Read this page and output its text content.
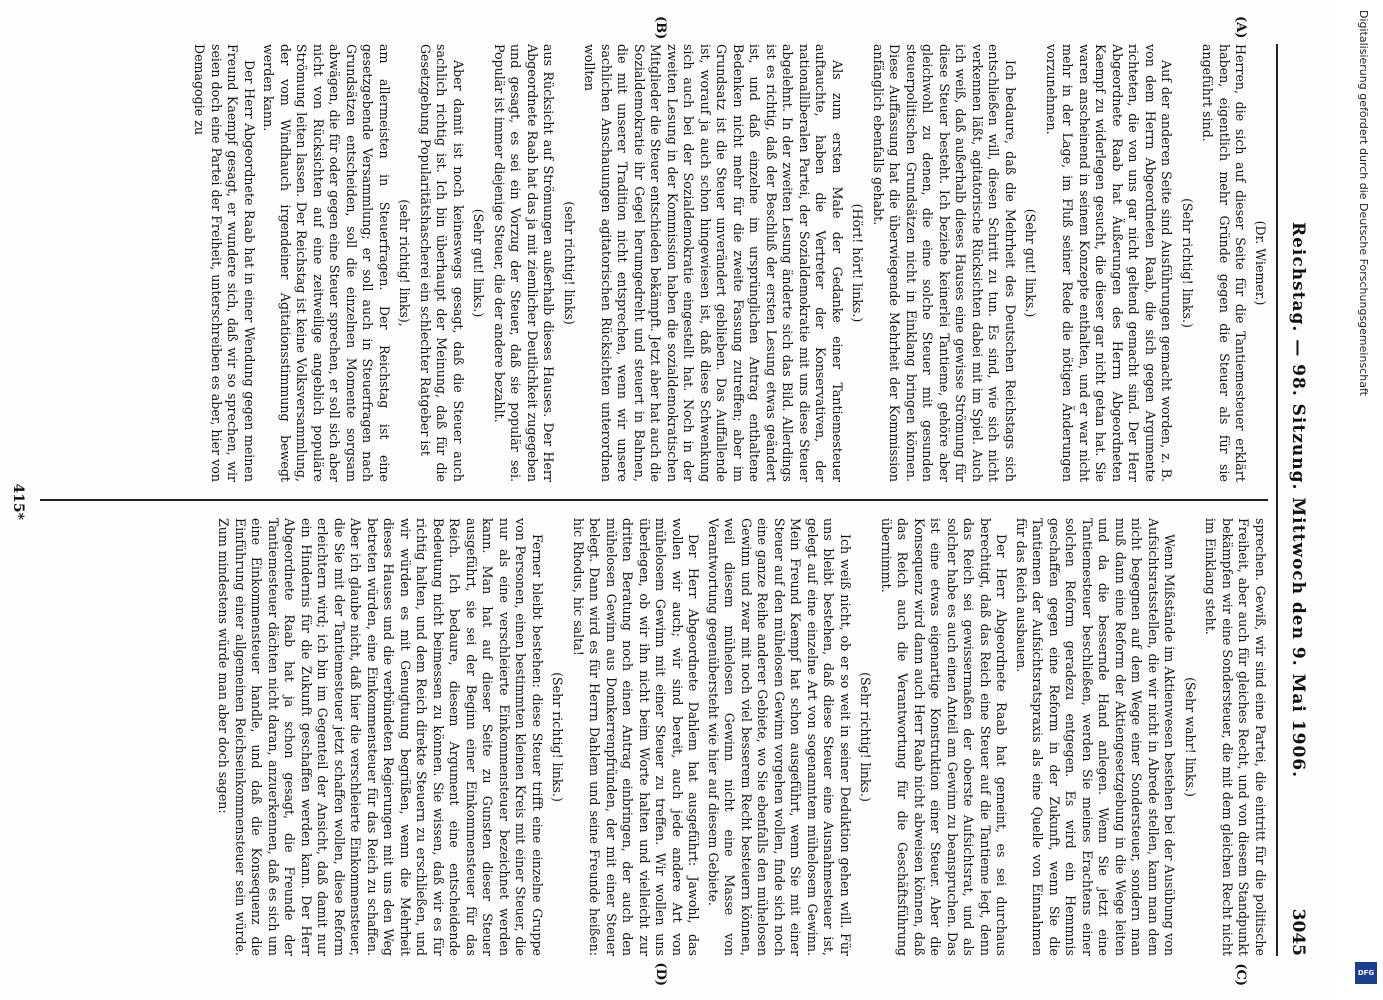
Reichstag. — 98. Sitzung. Mittwoch den 9. Mai 1906.
3045
(A)
(B)
(C)
(D)

(Dr. Wiemer.)

Herren, die sich auf dieser Seite für die Tantiemesteuer erklärt haben, eigentlich mehr Gründe gegen die Steuer als für sie angeführt sind.

(Sehr richtig! links.)

Auf der anderen Seite sind Ausführungen gemacht worden, z. B. von dem Herrn Abgeordneten Raab, die sich gegen Argumente richteten, die von uns gar nicht geltend gemacht sind. Der Herr Abgeordnete Raab hat Äußerungen des Herrn Abgeordneten Kaempf zu widerlegen gesucht, die dieser gar nicht getan hat. Sie waren anscheinend in seinem Konzepte enthalten, und er war nicht mehr in der Lage, im Fluß seiner Rede die nötigen Änderungen vorzunehmen.

(Sehr gut! links.)

Ich bedaure, daß die Mehrheit des Deutschen Reichstags sich entschließen will, diesen Schritt zu tun. Es sind, wie sich nicht verkennen läßt, agitatorische Rücksichten dabei mit im Spiel. Auch ich weiß, daß außerhalb dieses Hauses eine gewisse Strömung für diese Steuer besteht. Ich beziehe keinerlei Tantieme, gehöre aber gleichwohl zu denen, die eine solche Steuer mit gesunden steuerpolitischen Grundsätzen nicht in Einklang bringen können. Diese Auffassung hat die überwiegende Mehrheit der Kommission anfänglich ebenfalls gehabt.

(Hört! hört! links.)

Als zum ersten Male der Gedanke einer Tantiemesteuer auftauchte, haben die Vertreter der Konservativen, der nationalliberalen Partei, der Sozialdemokratie mit uns diese Steuer abgelehnt. In der zweiten Lesung änderte sich das Bild. Allerdings ist es richtig, daß der Beschluß der ersten Lesung etwas geändert ist, und daß einzelne im ursprünglichen Antrag enthaltene Bedenken nicht mehr für die zweite Fassung zutreffen; aber im Grundsatz ist die Steuer unverändert geblieben. Das Auffallende ist, worauf ja auch schon hingewiesen ist, daß diese Schwenkung sich auch bei der Sozialdemokratie eingestellt hat. Noch in der zweiten Lesung in der Kommission haben die sozialdemokratischen Mitglieder die Steuer entschieden bekämpft. Jetzt aber hat auch die Sozialdemokratie ihr Gegel herumgedreht und steuert in Bahnen, die mit unserer Tradition nicht entsprechen, wenn wir unsere sachlichen Anschauungen agitatorischen Rücksichten unterordnen wollten

(sehr richtig! links)

aus Rücksicht auf Strömungen außerhalb dieses Hauses. Der Herr Abgeordnete Raab hat das ja mit ziemlicher Deutlichkeit zugegeben und gesagt, es sei ein Vorzug der Steuer, daß sie populär sei. Populär ist immer diejenige Steuer, die der andere bezahlt.

(Sehr gut! links.)

Aber damit ist noch keineswegs gesagt, daß die Steuer auch sachlich richtig ist. Ich bin überhaupt der Meinung, daß für die Gesetzgebung Popularitätshascherei ein schlechter Ratgeber ist

(sehr richtig! links),

am allermeisten in Steuerfragen. Der Reichstag ist eine gesetzgebende Versammlung; er soll auch in Steuerfragen nach Grundsätzen entscheiden, soll die einzelnen Momente sorgsam abwägen, die für oder gegen eine Steuer sprechen, er soll sich aber nicht von Rücksichten auf eine zeitweilige angeblich populäre Strömung leiten lassen. Der Reichstag ist keine Volksversammlung, der vom Windhauch irgendeiner Agitationsstimmung bewegt werden kann.

Der Herr Abgeordnete Raab hat in einer Wendung gegen meinen Freund Kaempf gesagt, er wundere sich, daß wir so sprechen, wir seien doch eine Partei der Freiheit, unterschreiben es aber, hier von Demagogie zu

sprechen. Gewiß, wir sind eine Partei, die eintritt für die politische Freiheit, aber auch für gleiches Recht, und von diesem Standpunkt bekämpfen wir eine Sondersteuer, die mit dem gleichen Recht nicht im Einklang steht.

(Sehr wahr! links.)

Wenn Mißstände im Aktienwesen bestehen bei der Ausübung von Aufsichtsratsstellen, die wir nicht in Abrede stellen, kann man dem nicht begegnen auf dem Wege einer Sondersteuer, sondern man muß dann eine Reform der Aktiengesetzgebung in die Wege leiten und da die bessernde Hand anlegen. Wenn Sie jetzt eine Tantiemesteuer beschließen, werden Sie meines Erachtens einer solchen Reform geradezu entgegen. Es wird ein Hemmnis geschaffen gegen eine Reform in der Zukunft, wenn Sie die Tantiemen der Aufsichtsratspraxis als eine Quelle von Einnahmen für das Reich ausbauen.

Der Herr Abgeordnete Raab hat gemeint, es sei durchaus berechtigt, daß das Reich eine Steuer auf die Tantieme legt, denn das Reich sei gewissermaßen der oberste Aufsichtsrat, und als solcher habe es auch einen Anteil am Gewinn zu beanspruchen. Das ist eine etwas eigenartige Konstruktion einer Steuer. Aber die Konsequenz wird dann auch Herr Raab nicht abweisen können, daß das Reich auch die Verantwortung für die Geschäftsführung übernimmt.

(Sehr richtig! links.)

Ich weiß nicht, ob er so weit in seiner Deduktion gehen will. Für uns bleibt bestehen, daß diese Steuer eine Ausnahmesteuer ist, gelegt auf eine einzelne Art von sogenanntem mühelosem Gewinn. Mein Freund Kaempf hat schon ausgeführt, wenn Sie mit einer Steuer auf den mühelosen Gewinn vorgehen wollen, finde sich noch eine ganze Reihe anderer Gebiete, wo Sie ebenfalls den mühelosen Gewinn und zwar mit noch viel besserem Recht besteuern können, weil diesem mühelosen Gewinn nicht eine Masse von Verantwortung gegenübersteht wie hier auf diesem Gebiete.

Der Herr Abgeordnete Dahlem hat ausgeführt: Jawohl, das wollen wir auch; wir sind bereit, auch jede andere Art von mühelosem Gewinn mit einer Steuer zu treffen. Wir wollen uns überlegen, ob wir ihn nicht beim Worte halten und vielleicht zur dritten Beratung noch einen Antrag einbringen, der auch den mühelosen Gewinn aus Domkerrenpfründen, der mit einer Steuer belegt. Dann wird es für Herrn Dahlem und seine Freunde heißen: hic Rhodus, hic salta!

(Sehr richtig! links.)

Ferner bleibt bestehen: diese Steuer trifft eine einzelne Gruppe von Personen, einen bestimmten kleinen Kreis mit einer Steuer, die nur als eine verschleierte Einkommensteuer bezeichnet werden kann. Man hat auf dieser Seite zu Gunsten dieser Steuer ausgeführt, sie sei der Beginn einer Einkommensteuer für das Reich. Ich bedaure, diesem Argument eine entscheidende Bedeutung nicht beimessen zu können. Sie wissen, daß wir es für richtig halten, und dem Reich direkte Steuern zu erschließen, und wir würden es mit Genugtuung begrüßen, wenn die Mehrheit dieses Hauses und die verbündeten Regierungen mit uns den Weg betreten würden, eine Einkommensteuer für das Reich zu schaffen. Aber ich glaube nicht, daß hier die verschleierte Einkommensteuer, die Sie mit der Tantiemesteuer jetzt schaffen wollen, diese Reform erleichtern wird; ich bin im Gegenteil der Ansicht, daß damit nur ein Hindernis für die Zukunft geschaffen werden kann. Der Herr Abgeordnete Raab hat ja schon gesagt, die Freunde der Tantiemesteuer dächten nicht daran, anzuerkennen, daß es sich um eine Einkommensteuer handle, und daß die Konsequenz die Einführung einer allgemeinen Reichseinkommensteuer sein würde. Zum mindestens würde man aber doch sagen:

415*
Digitalisierung gefördert durch die Deutsche Forschungsgemeinschaft
DFG
